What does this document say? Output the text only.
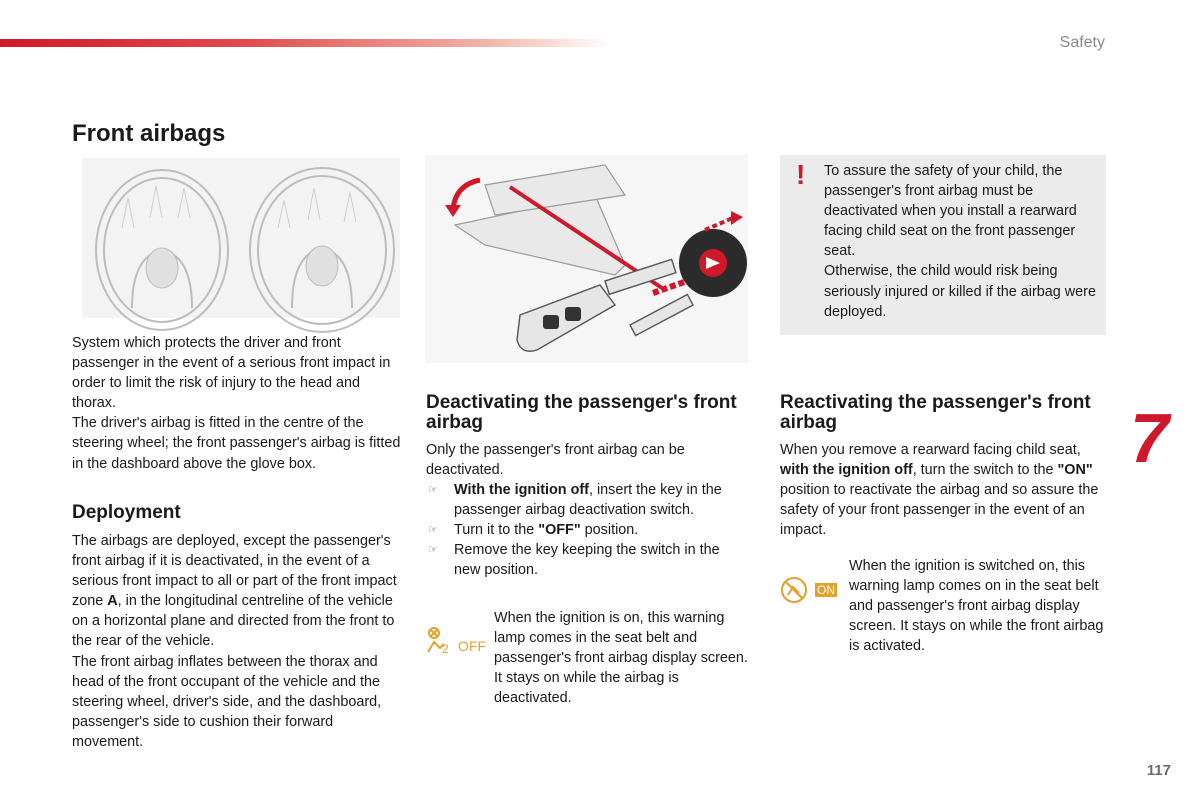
Safety
Front airbags
System which protects the driver and front passenger in the event of a serious front impact in order to limit the risk of injury to the head and thorax.
The driver's airbag is fitted in the centre of the steering wheel; the front passenger's airbag is fitted in the dashboard above the glove box.
Deployment
The airbags are deployed, except the passenger's front airbag if it is deactivated, in the event of a serious front impact to all or part of the front impact zone A, in the longitudinal centreline of the vehicle on a horizontal plane and directed from the front to the rear of the vehicle.
The front airbag inflates between the thorax and head of the front occupant of the vehicle and the steering wheel, driver's side, and the dashboard, passenger's side to cushion their forward movement.
Deactivating the passenger's front airbag
Only the passenger's front airbag can be deactivated.
☞ With the ignition off, insert the key in the passenger airbag deactivation switch.
☞ Turn it to the "OFF" position.
☞ Remove the key keeping the switch in the new position.
2 OFF
When the ignition is on, this warning lamp comes in the seat belt and passenger's front airbag display screen. It stays on while the airbag is deactivated.
! To assure the safety of your child, the passenger's front airbag must be deactivated when you install a rearward facing child seat on the front passenger seat.
Otherwise, the child would risk being seriously injured or killed if the airbag were deployed.
Reactivating the passenger's front airbag
When you remove a rearward facing child seat, with the ignition off, turn the switch to the "ON" position to reactivate the airbag and so assure the safety of your front passenger in the event of an impact.
ON
When the ignition is switched on, this warning lamp comes on in the seat belt and passenger's front airbag display screen. It stays on while the front airbag is activated.
7
117
